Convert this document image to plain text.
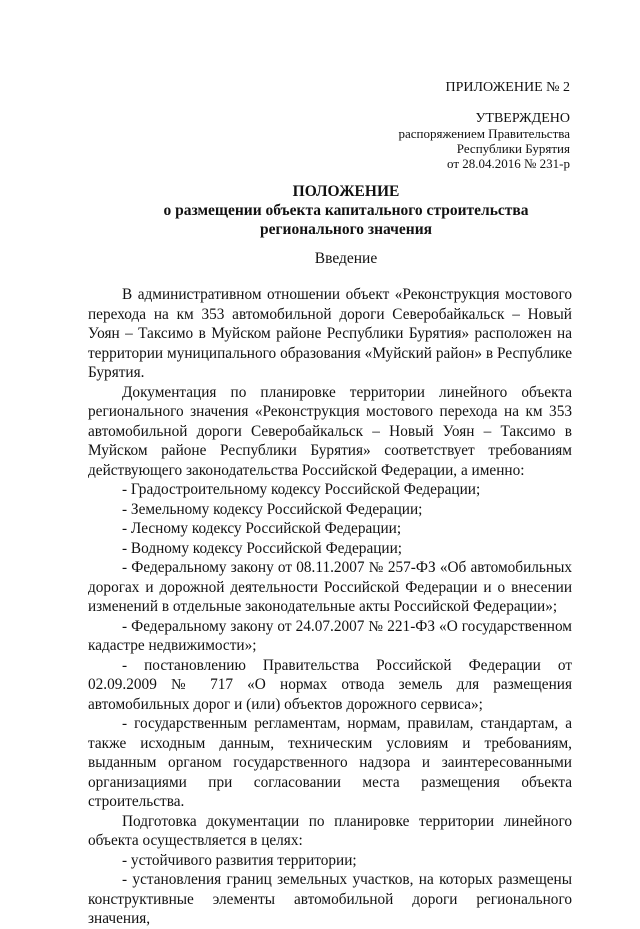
ПРИЛОЖЕНИЕ № 2
УТВЕРЖДЕНО
распоряжением Правительства
Республики Бурятия
от 28.04.2016 № 231-р
ПОЛОЖЕНИЕ
о размещении объекта капитального строительства
регионального значения
Введение

В административном отношении объект «Реконструкция мостового перехода на км 353 автомобильной дороги Северобайкальск – Новый Уоян – Таксимо в Муйском районе Республики Бурятия» расположен на территории муниципального образования «Муйский район» в Республике Бурятия.

Документация по планировке территории линейного объекта регионального значения «Реконструкция мостового перехода на км 353 автомобильной дороги Северобайкальск – Новый Уоян – Таксимо в Муйском районе Республики Бурятия» соответствует требованиям действующего законодательства Российской Федерации, а именно:

- Градостроительному кодексу Российской Федерации;

- Земельному кодексу Российской Федерации;

- Лесному кодексу Российской Федерации;

- Водному кодексу Российской Федерации;

- Федеральному закону от 08.11.2007 № 257-ФЗ «Об автомобильных дорогах и дорожной деятельности Российской Федерации и о внесении изменений в отдельные законодательные акты Российской Федерации»;

- Федеральному закону от 24.07.2007 № 221-ФЗ «О государственном кадастре недвижимости»;

- постановлению Правительства Российской Федерации от 02.09.2009 № 717 «О нормах отвода земель для размещения автомобильных дорог и (или) объектов дорожного сервиса»;

- государственным регламентам, нормам, правилам, стандартам, а также исходным данным, техническим условиям и требованиям, выданным органом государственного надзора и заинтересованными организациями при согласовании места размещения объекта строительства.

Подготовка документации по планировке территории линейного объекта осуществляется в целях:

- устойчивого развития территории;

- установления границ земельных участков, на которых размещены конструктивные элементы автомобильной дороги регионального значения,
